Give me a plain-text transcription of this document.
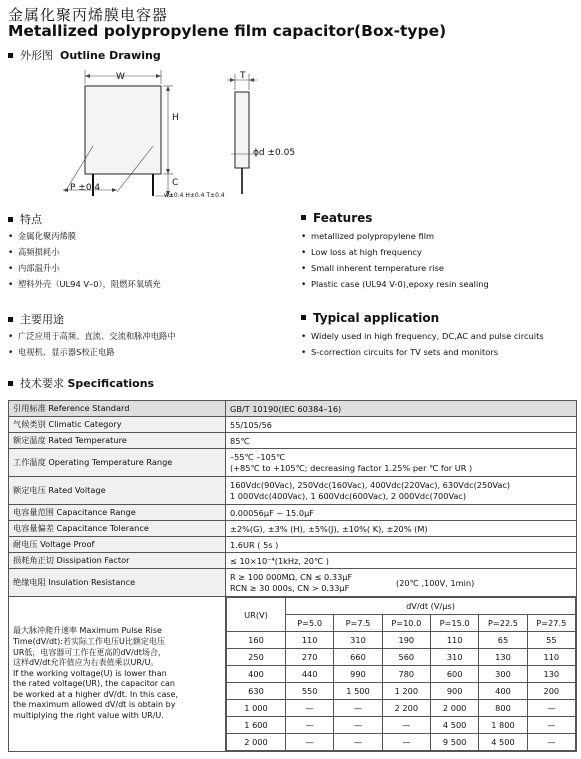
金属化聚丙烯膜电容器
Metallized polypropylene film capacitor(Box-type)
外形图 Outline Drawing
W
H
C
T
P ±0.4
ϕd ±0.05
w±0.4 H±0.4 T±0.4
特点
• 金属化聚丙烯膜
• 高频损耗小
• 内部温升小
• 塑料外壳（UL94 V–0），阻燃环氧填充
Features
• metallized polypropylene film
• Low loss at high frequency
• Small inherent temperature rise
• Plastic case (UL94 V-0),epoxy resin sealing
主要用途
• 广泛应用于高频、直流、交流和脉冲电路中
• 电视机、显示器S校正电路
Typical application
• Widely used in high frequency, DC,AC and pulse circuits
• S-correction circuits for TV sets and monitors
技术要求 Specifications
引用标准 Reference Standard	GB/T 10190(IEC 60384–16)
气候类别 Climatic Category	55/105/56
额定温度 Rated Temperature	85℃
工作温度 Operating Temperature Range	
–55℃ –105℃
(+85℃ to +105℃; decreasing factor 1.25% per ℃ for UR )

额定电压 Rated Voltage	
160Vdc(90Vac), 250Vdc(160Vac), 400Vdc(220Vac), 630Vdc(250Vac)
1 000Vdc(400Vac), 1 600Vdc(600Vac), 2 000Vdc(700Vac)

电容量范围 Capacitance Range	0.00056μF ~ 15.0μF
电容量偏差 Capacitance Tolerance	±2%(G), ±3% (H), ±5%(J), ±10%( K), ±20% (M)
耐电压 Voltage Proof	1.6UR ( 5s )
损耗角正切 Dissipation Factor	≤ 10×10⁻⁴(1kHz, 20℃ )
绝缘电阻 Insulation Resistance	
R ≥ 100 000MΩ, CN ≤ 0.33μF
RCN ≥ 30 000s, CN > 0.33μF	(20℃ ,100V, 1min)

最大脉冲爬升速率 Maximum Pulse Rise
Time(dV/dt):若实际工作电压U比额定电压
UR低，电容器可工作在更高的dV/dt场合，
这样dV/dt允许值应为右表值乘以UR/U。
If the working voltage(U) is lower than
the rated voltage(UR), the capacitor can
be worked at a higher dV/dt. In this case,
the maximum allowed dV/dt is obtain by
multiplying the right value with UR/U.

UR(V)	dV/dt (V/μs)
P=5.0	P=7.5	P=10.0	P=15.0	P=22.5	P=27.5
160	110	310	190	110	65	55
250	270	660	560	310	130	110
400	440	990	780	600	300	130
630	550	1 500	1 200	900	400	200
1 000	—	—	2 200	2 000	800	—
1 600	—	—	—	4 500	1 800	—
2 000	—	—	—	9 500	4 500	—
